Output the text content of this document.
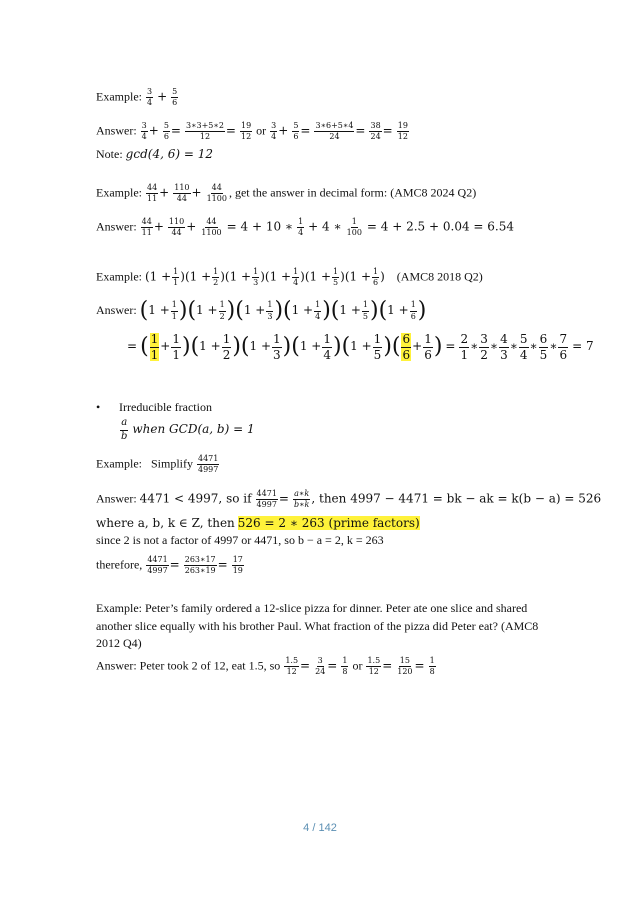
Example: $\frac{3}{4} + \frac{5}{6}$
Answer: $\frac{3}{4} + \frac{5}{6} = \frac{3∗3+5∗2}{12} = \frac{19}{12}$ or $\frac{3}{4} + \frac{5}{6} = \frac{3∗6+5∗4}{24} = \frac{38}{24} = \frac{19}{12}$
Note: gcd(4, 6) = 12
Example: $\frac{44}{11} + \frac{110}{44} + \frac{44}{1100}$ , get the answer in decimal form: (AMC8 2024 Q2)
Answer: $\frac{44}{11} + \frac{110}{44} + \frac{44}{1100} = 4 + 10$ ∗ $\frac{1}{4} + 4$ ∗ $\frac{1}{100} = 4 + 2.5 + 0.04 = 6.54$
Example: $(1 + \frac{1}{1} )(1 + \frac{1}{2} )(1 + \frac{1}{3} )(1 + \frac{1}{4} )(1 + \frac{1}{5} )(1 + \frac{1}{6}$ ) (AMC8 2018 Q2)
Answer: $(1 + \frac{1}{1} )(1 + \frac{1}{2} )(1 + \frac{1}{3} )(1 + \frac{1}{4} )(1 + \frac{1}{5} )(1 + \frac{1}{6}$ )
= ( $\frac{1}{1} + \frac{1}{1} )(1 + \frac{1}{2} )(1 + \frac{1}{3} )(1 + \frac{1}{4} )(1 + \frac{1}{5}$ )( $\frac{6}{6} + \frac{1}{6}$ ) = $\frac{2}{1}$ ∗ $\frac{3}{2}$ ∗ $\frac{4}{3}$ ∗ $\frac{5}{4}$ ∗ $\frac{6}{5}$ ∗ $\frac{7}{6} = 7$
• Irreducible fraction
$\frac{a}{b}$ when GCD(a, b) = 1
Example: Simplify $\frac{4471}{4997}$
Answer: 4471 < 4997, so if $\frac{4471}{4997} = \frac{a∗k}{b∗k}$ , then 4997 − 4471 = bk − ak = k(b − a) = 526
where a, b, k ∈ Z, then 526 = 2 ∗ 263 (prime factors)
since 2 is not a factor of 4997 or 4471, so b − a = 2, k = 263
therefore, $\frac{4471}{4997} = \frac{263∗17}{263∗19} = \frac{17}{19}$
Example: Peter’s family ordered a 12-slice pizza for dinner. Peter ate one slice and shared
another slice equally with his brother Paul. What fraction of the pizza did Peter eat? (AMC8
2012 Q4)
Answer: Peter took 2 of 12, eat 1.5, so $\frac{1.5}{12} = \frac{3}{24} = \frac{1}{8}$ or $\frac{1.5}{12} = \frac{15}{120} = \frac{1}{8}$
4 / 142
